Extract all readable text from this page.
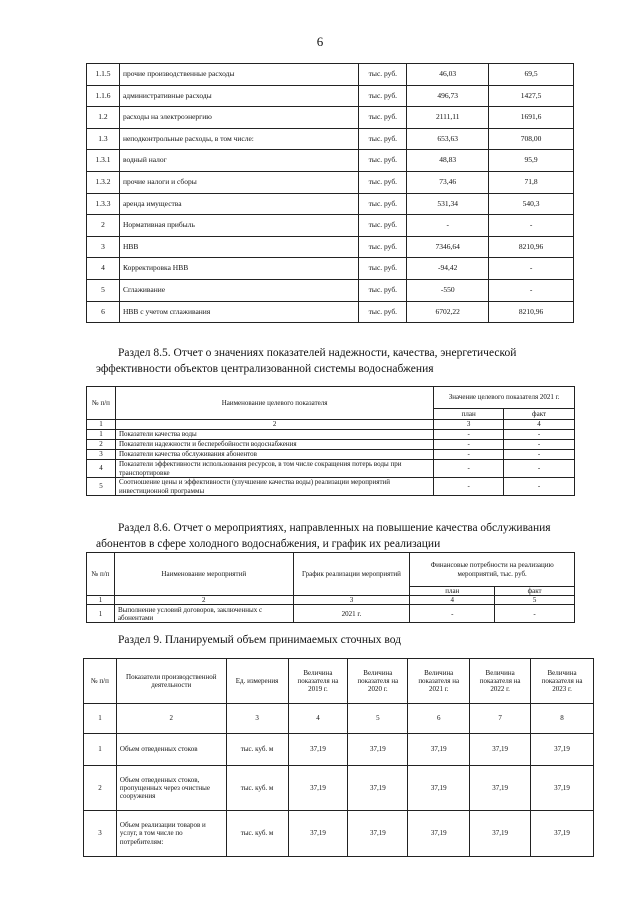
6
1.1.5	прочие производственные расходы	тыс. руб.	46,03	69,5
1.1.6	административные расходы	тыс. руб.	496,73	1427,5
1.2	расходы на электроэнергию	тыс. руб.	2111,11	1691,6
1.3	неподконтрольные расходы, в том числе:	тыс. руб.	653,63	708,00
1.3.1	водный налог	тыс. руб.	48,83	95,9
1.3.2	прочие налоги и сборы	тыс. руб.	73,46	71,8
1.3.3	аренда имущества	тыс. руб.	531,34	540,3
2	Нормативная прибыль	тыс. руб.	-	-
3	НВВ	тыс. руб.	7346,64	8210,96
4	Корректировка НВВ	тыс. руб.	-94,42	-
5	Сглаживание	тыс. руб.	-550	-
6	НВВ с учетом сглаживания	тыс. руб.	6702,22	8210,96

Раздел 8.5. Отчет о значениях показателей надежности, качества, энергетической

эффективности объектов централизованной системы водоснабжения

№ п/п	Наименование целевого показателя	Значение целевого показателя 2021 г.	
		план	факт
1	2	3	4
1	Показатели качества воды	-	-
2	Показатели надежности и бесперебойности водоснабжения	-	-
3	Показатели качества обслуживания абонентов	-	-
4	Показатели эффективности использования ресурсов, в том числе сокращения потерь воды при транспортировке	-	-
5	Соотношение цены и эффективности (улучшение качества воды) реализации мероприятий инвестиционной программы	-	-

Раздел 8.6. Отчет о мероприятиях, направленных на повышение качества обслуживания

абонентов в сфере холодного водоснабжения, и график их реализации

№ п/п	Наименование мероприятий	График реализации мероприятий	Финансовые потребности на реализацию мероприятий, тыс. руб.	
			план	факт
1	2	3	4	5
1	Выполнение условий договоров, заключенных с абонентами	2021 г.	-	-
Раздел 9. Планируемый объем принимаемых сточных вод
№ п/п	Показатели производственной деятельности	Ед. измерения	Величина показателя на 2019 г.	Величина показателя на 2020 г.	Величина показателя на 2021 г.	Величина показателя на 2022 г.	Величина показателя на 2023 г.
1	2	3	4	5	6	7	8
1	Объем отведенных стоков	тыс. куб. м	37,19	37,19	37,19	37,19	37,19
2	Объем отведенных стоков, пропущенных через очистные сооружения	тыс. куб. м	37,19	37,19	37,19	37,19	37,19
3	Объем реализации товаров и услуг, в том числе по потребителям:	тыс. куб. м	37,19	37,19	37,19	37,19	37,19
